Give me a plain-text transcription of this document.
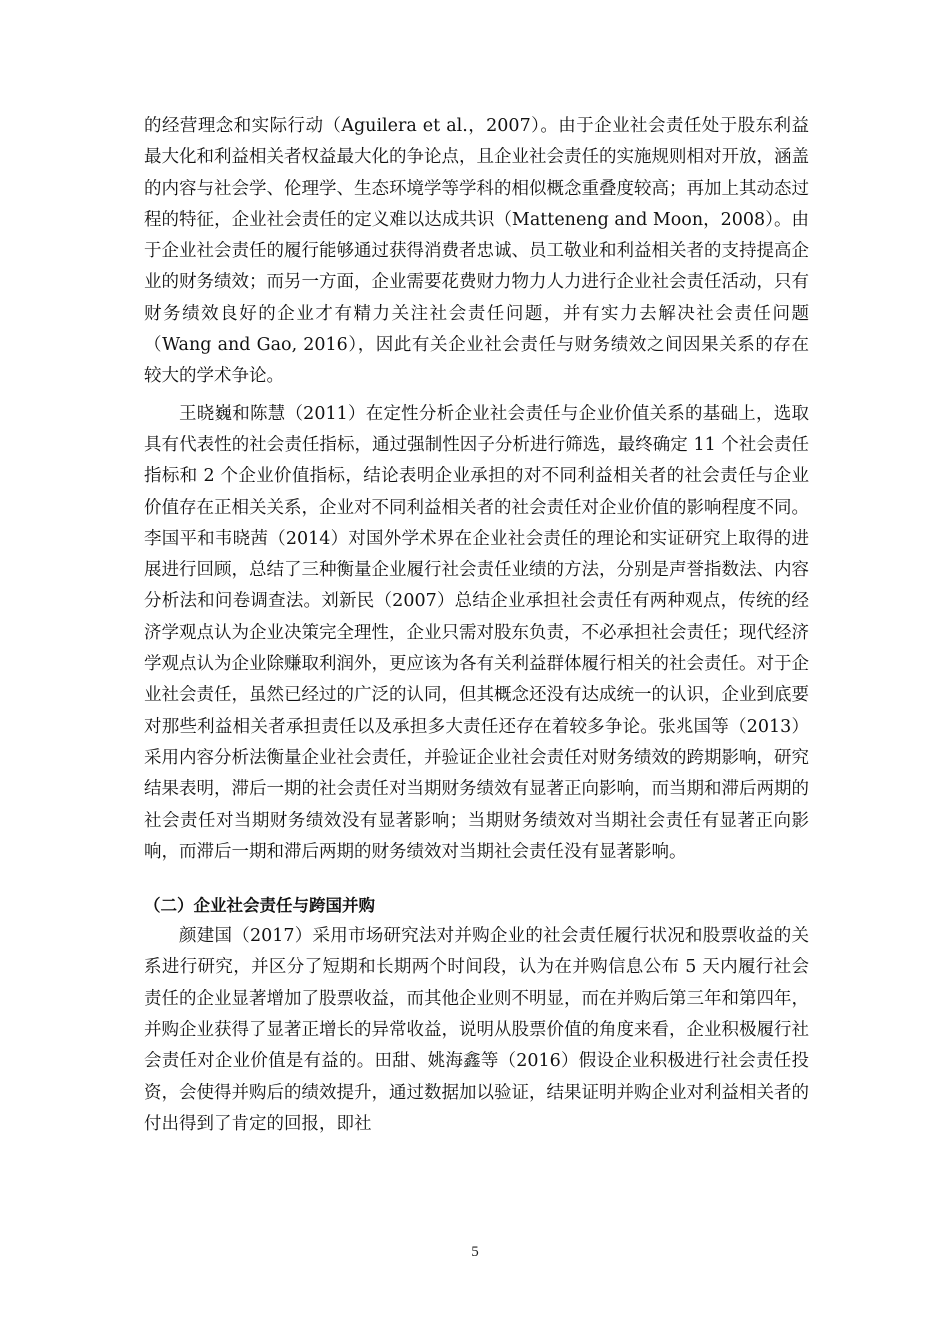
的经营理念和实际行动（Aguilera et al.，2007）。由于企业社会责任处于股东利益最大化和利益相关者权益最大化的争论点，且企业社会责任的实施规则相对开放，涵盖的内容与社会学、伦理学、生态环境学等学科的相似概念重叠度较高；再加上其动态过程的特征，企业社会责任的定义难以达成共识（Matteneng and Moon，2008）。由于企业社会责任的履行能够通过获得消费者忠诚、员工敬业和利益相关者的支持提高企业的财务绩效；而另一方面，企业需要花费财力物力人力进行企业社会责任活动，只有财务绩效良好的企业才有精力关注社会责任问题，并有实力去解决社会责任问题（Wang and Gao, 2016），因此有关企业社会责任与财务绩效之间因果关系的存在较大的学术争论。

王晓巍和陈慧（2011）在定性分析企业社会责任与企业价值关系的基础上，选取具有代表性的社会责任指标，通过强制性因子分析进行筛选，最终确定 11 个社会责任指标和 2 个企业价值指标，结论表明企业承担的对不同利益相关者的社会责任与企业价值存在正相关关系，企业对不同利益相关者的社会责任对企业价值的影响程度不同。李国平和韦晓茜（2014）对国外学术界在企业社会责任的理论和实证研究上取得的进展进行回顾，总结了三种衡量企业履行社会责任业绩的方法，分别是声誉指数法、内容分析法和问卷调查法。刘新民（2007）总结企业承担社会责任有两种观点，传统的经济学观点认为企业决策完全理性，企业只需对股东负责，不必承担社会责任；现代经济学观点认为企业除赚取利润外，更应该为各有关利益群体履行相关的社会责任。对于企业社会责任，虽然已经过的广泛的认同，但其概念还没有达成统一的认识，企业到底要对那些利益相关者承担责任以及承担多大责任还存在着较多争论。张兆国等（2013）采用内容分析法衡量企业社会责任，并验证企业社会责任对财务绩效的跨期影响，研究结果表明，滞后一期的社会责任对当期财务绩效有显著正向影响，而当期和滞后两期的社会责任对当期财务绩效没有显著影响；当期财务绩效对当期社会责任有显著正向影响，而滞后一期和滞后两期的财务绩效对当期社会责任没有显著影响。

（二）企业社会责任与跨国并购

颜建国（2017）采用市场研究法对并购企业的社会责任履行状况和股票收益的关系进行研究，并区分了短期和长期两个时间段，认为在并购信息公布 5 天内履行社会责任的企业显著增加了股票收益，而其他企业则不明显，而在并购后第三年和第四年，并购企业获得了显著正增长的异常收益，说明从股票价值的角度来看，企业积极履行社会责任对企业价值是有益的。田甜、姚海鑫等（2016）假设企业积极进行社会责任投资，会使得并购后的绩效提升，通过数据加以验证，结果证明并购企业对利益相关者的付出得到了肯定的回报，即社

5
